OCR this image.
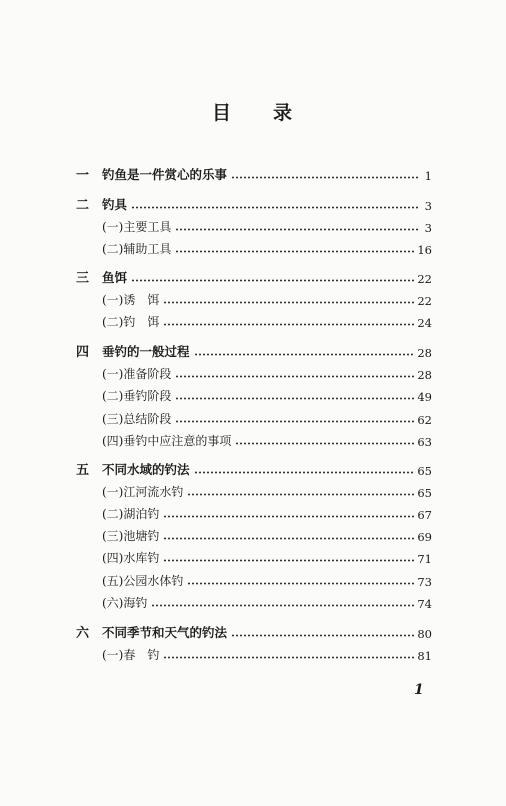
目 录
一	钓鱼是一件赏心的乐事	1
二	钓具	3
(一)主要工具	3
(二)辅助工具	16
三	鱼饵	22
(一)诱　饵	22
(二)钓　饵	24
四	垂钓的一般过程	28
(一)准备阶段	28
(二)垂钓阶段	49
(三)总结阶段	62
(四)垂钓中应注意的事项	63
五	不同水域的钓法	65
(一)江河流水钓	65
(二)湖泊钓	67
(三)池塘钓	69
(四)水库钓	71
(五)公园水体钓	73
(六)海钓	74
六	不同季节和天气的钓法	80
(一)春　钓	81
1
